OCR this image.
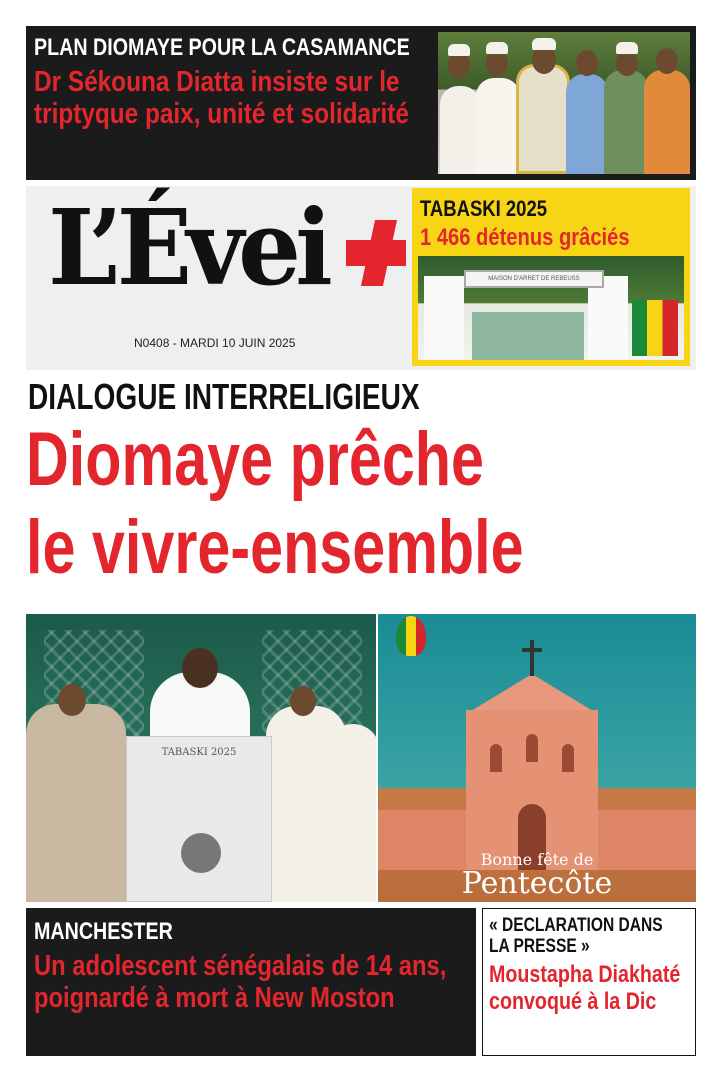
PLAN DIOMAYE POUR LA CASAMANCE
Dr Sékouna Diatta insiste sur le triptyque paix, unité et solidarité
Dr Sékouna DIATTA
L’Évei
N0408 - MARDI 10 JUIN 2025
TABASKI 2025
1 466 détenus grâciés
MAISON D'ARRET DE REBEUSS
DIALOGUE INTERRELIGIEUX
Diomaye prêche
le vivre-ensemble
TABASKI 2025
Bonne fête de
Pentecôte
MANCHESTER
Un adolescent sénégalais de 14 ans, poignardé à mort à New Moston
« DECLARATION DANS LA PRESSE »
Moustapha Diakhaté convoqué à la Dic
